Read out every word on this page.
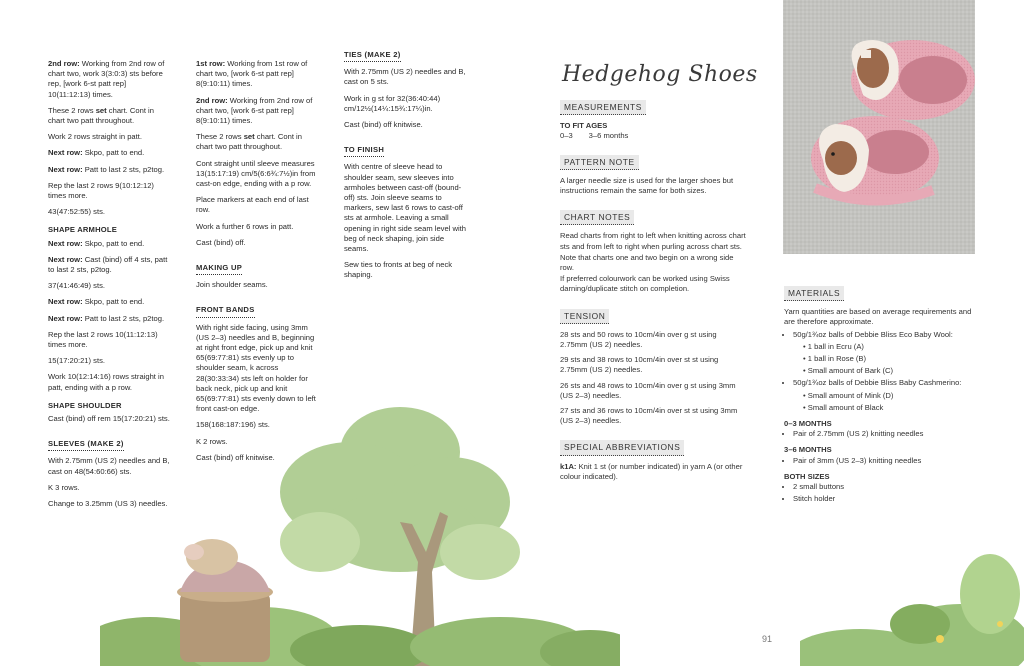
2nd row: Working from 2nd row of chart two, work 3(3:0:3) sts before rep, [work 6-st patt rep] 10(11:12:13) times.

These 2 rows set chart. Cont in chart two patt throughout.

Work 2 rows straight in patt.

Next row: Skpo, patt to end.

Next row: Patt to last 2 sts, p2tog.

Rep the last 2 rows 9(10:12:12) times more.

43(47:52:55) sts.

SHAPE ARMHOLE

Next row: Skpo, patt to end.

Next row: Cast (bind) off 4 sts, patt to last 2 sts, p2tog.

37(41:46:49) sts.

Next row: Skpo, patt to end.

Next row: Patt to last 2 sts, p2tog.

Rep the last 2 rows 10(11:12:13) times more.

15(17:20:21) sts.

Work 10(12:14:16) rows straight in patt, ending with a p row.

SHAPE SHOULDER

Cast (bind) off rem 15(17:20:21) sts.

SLEEVES (MAKE 2)

With 2.75mm (US 2) needles and B, cast on 48(54:60:66) sts.

K 3 rows.

Change to 3.25mm (US 3) needles.

1st row: Working from 1st row of chart two, [work 6-st patt rep] 8(9:10:11) times.

2nd row: Working from 2nd row of chart two, [work 6-st patt rep] 8(9:10:11) times.

These 2 rows set chart. Cont in chart two patt throughout.

Cont straight until sleeve measures 13(15:17:19) cm/5(6:6¾:7½)in from cast-on edge, ending with a p row.

Place markers at each end of last row.

Work a further 6 rows in patt.

Cast (bind) off.

MAKING UP

Join shoulder seams.

FRONT BANDS

With right side facing, using 3mm (US 2–3) needles and B, beginning at right front edge, pick up and knit 65(69:77:81) sts evenly up to shoulder seam, k across 28(30:33:34) sts left on holder for back neck, pick up and knit 65(69:77:81) sts evenly down to left front cast-on edge.

158(168:187:196) sts.

K 2 rows.

Cast (bind) off knitwise.

TIES (MAKE 2)

With 2.75mm (US 2) needles and B, cast on 5 sts.

Work in g st for 32(36:40:44) cm/12½(14¼:15¾:17¼)in.

Cast (bind) off knitwise.

TO FINISH

With centre of sleeve head to shoulder seam, sew sleeves into armholes between cast-off (bound-off) sts. Join sleeve seams to markers, sew last 6 rows to cast-off sts at armhole. Leaving a small opening in right side seam level with beg of neck shaping, join side seams.

Sew ties to fronts at beg of neck shaping.

Hedgehog Shoes
MEASUREMENTS
TO FIT AGES
0–3 3–6 months
PATTERN NOTE

A larger needle size is used for the larger shoes but instructions remain the same for both sizes.

CHART NOTES

Read charts from right to left when knitting across chart sts and from left to right when purling across chart sts.

Note that charts one and two begin on a wrong side row.

If preferred colourwork can be worked using Swiss darning/duplicate stitch on completion.

TENSION

28 sts and 50 rows to 10cm/4in over g st using 2.75mm (US 2) needles.

29 sts and 38 rows to 10cm/4in over st st using 2.75mm (US 2) needles.

26 sts and 48 rows to 10cm/4in over g st using 3mm (US 2–3) needles.

27 sts and 36 rows to 10cm/4in over st st using 3mm (US 2–3) needles.

SPECIAL ABBREVIATIONS

k1A: Knit 1 st (or number indicated) in yarn A (or other colour indicated).

MATERIALS

Yarn quantities are based on average requirements and are therefore approximate.

• 50g/1¾oz balls of Debbie Bliss Eco Baby Wool:
• 1 ball in Ecru (A)
• 1 ball in Rose (B)
• Small amount of Bark (C)
• 50g/1¾oz balls of Debbie Bliss Baby Cashmerino:
• Small amount of Mink (D)
• Small amount of Black
0–3 MONTHS
• Pair of 2.75mm (US 2) knitting needles
3–6 MONTHS
• Pair of 3mm (US 2–3) knitting needles
BOTH SIZES
• 2 small buttons
• Stitch holder
91
